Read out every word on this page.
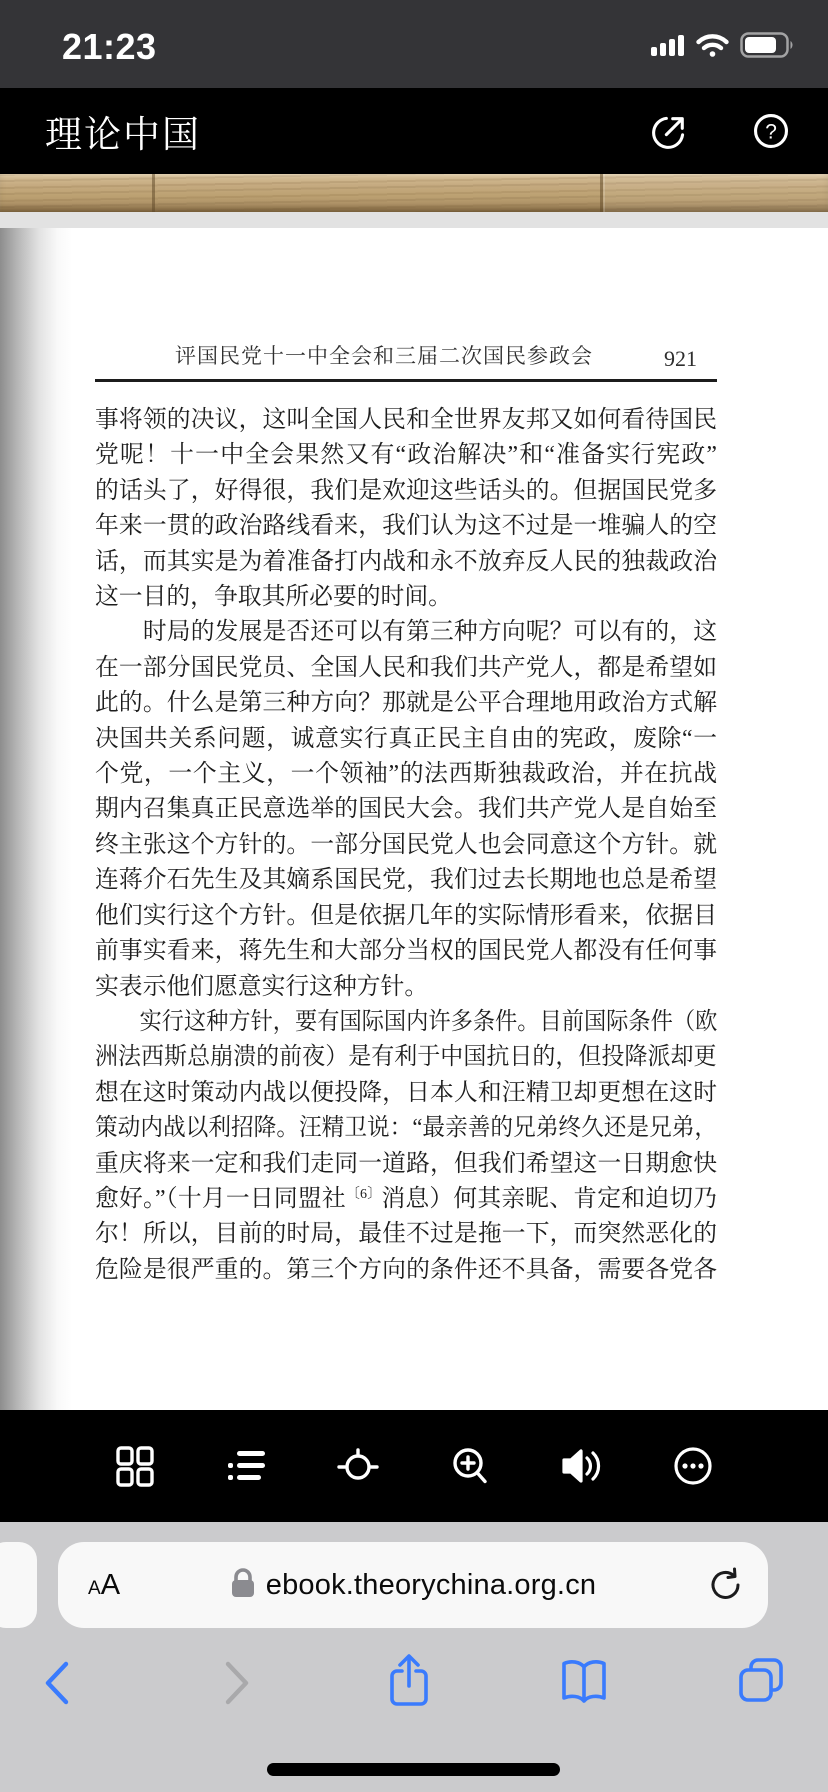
21:23
理论中国	?
评国民党十一中全会和三届二次国民参政会	921
事将领的决议，这叫全国人民和全世界友邦又如何看待国民
党呢！十一中全会果然又有“政治解决”和“准备实行宪政”
的话头了，好得很，我们是欢迎这些话头的。但据国民党多
年来一贯的政治路线看来，我们认为这不过是一堆骗人的空
话，而其实是为着准备打内战和永不放弃反人民的独裁政治
这一目的，争取其所必要的时间。
　　时局的发展是否还可以有第三种方向呢？可以有的，这
在一部分国民党员、全国人民和我们共产党人，都是希望如
此的。什么是第三种方向？那就是公平合理地用政治方式解
决国共关系问题，诚意实行真正民主自由的宪政，废除“一
个党，一个主义，一个领袖”的法西斯独裁政治，并在抗战
期内召集真正民意选举的国民大会。我们共产党人是自始至
终主张这个方针的。一部分国民党人也会同意这个方针。就
连蒋介石先生及其嫡系国民党，我们过去长期地也总是希望
他们实行这个方针。但是依据几年的实际情形看来，依据目
前事实看来，蒋先生和大部分当权的国民党人都没有任何事
实表示他们愿意实行这种方针。
　　实行这种方针，要有国际国内许多条件。目前国际条件（欧
洲法西斯总崩溃的前夜）是有利于中国抗日的，但投降派却更
想在这时策动内战以便投降，日本人和汪精卫却更想在这时
策动内战以利招降。汪精卫说：“最亲善的兄弟终久还是兄弟，
重庆将来一定和我们走同一道路，但我们希望这一日期愈快
愈好。”（十月一日同盟社$^{〔6〕}$消息）何其亲昵、肯定和迫切乃
尔！所以，目前的时局，最佳不过是拖一下，而突然恶化的
危险是很严重的。第三个方向的条件还不具备，需要各党各
A A	ebook.theorychina.org.cn
